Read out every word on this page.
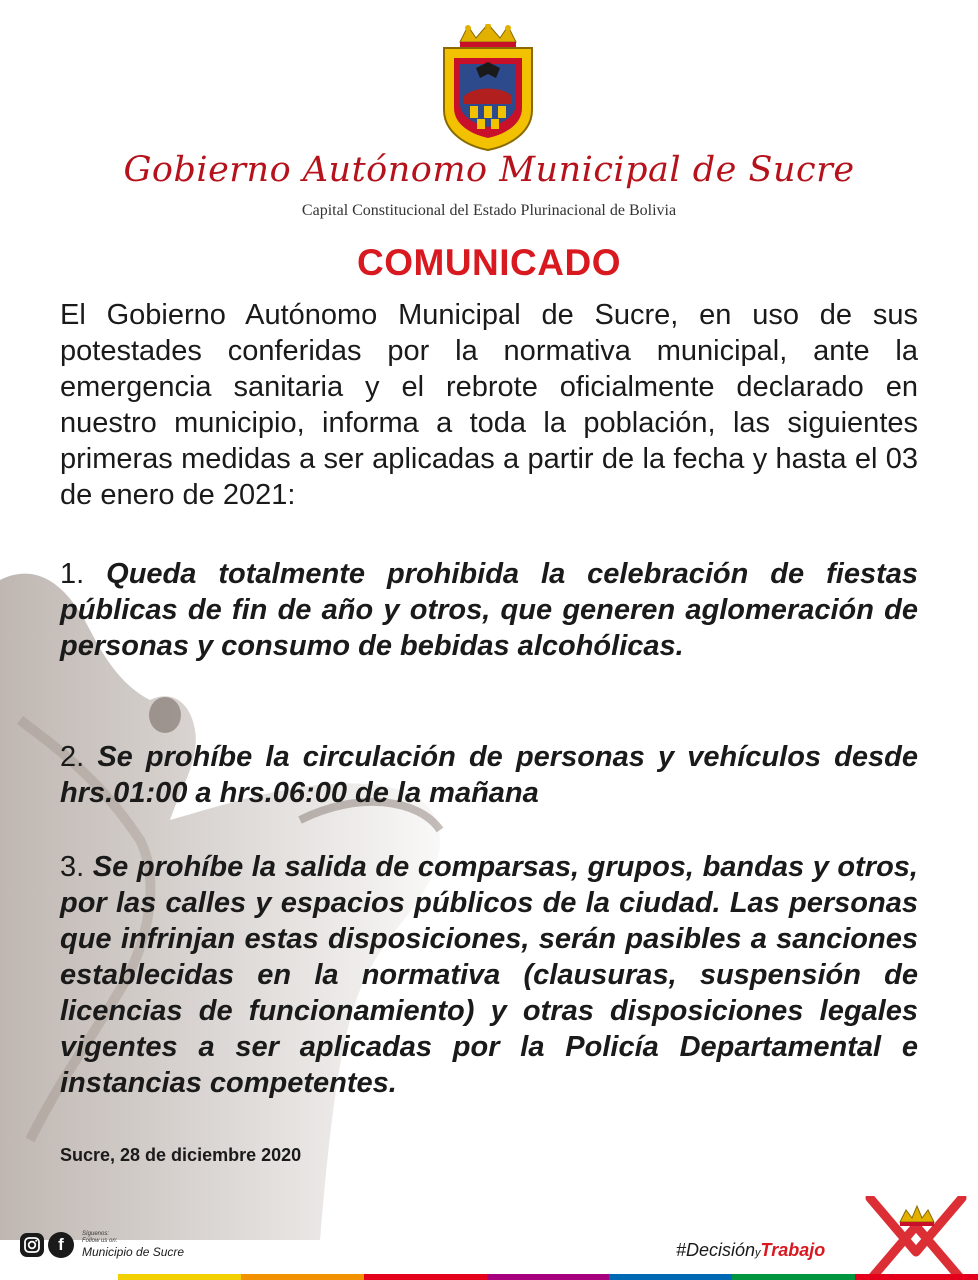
Gobierno Autónomo Municipal de Sucre
Capital Constitucional del Estado Plurinacional de Bolivia
COMUNICADO
El Gobierno Autónomo Municipal de Sucre, en uso de sus potestades conferidas por la normativa municipal, ante la emergencia sanitaria y el rebrote oficialmente declarado en nuestro municipio, informa a toda la población, las siguientes primeras medidas a ser aplicadas a partir de la fecha y hasta el 03 de enero de 2021:
1. Queda totalmente prohibida la celebración de fiestas públicas de fin de año y otros, que generen aglomeración de personas y consumo de bebidas alcohólicas.
2. Se prohíbe la circulación de personas y vehículos desde hrs.01:00 a hrs.06:00 de la mañana
3. Se prohíbe la salida de comparsas, grupos, bandas y otros, por las calles y espacios públicos de la ciudad. Las personas que infrinjan estas disposiciones, serán pasibles a sanciones establecidas en la normativa (clausuras, suspensión de licencias de funcionamiento) y otras disposiciones legales vigentes a ser aplicadas por la Policía Departamental e instancias competentes.
Sucre, 28 de diciembre 2020
f
Síguenos:
Follow us on:
Municipio de Sucre	#DecisiónyTrabajo
